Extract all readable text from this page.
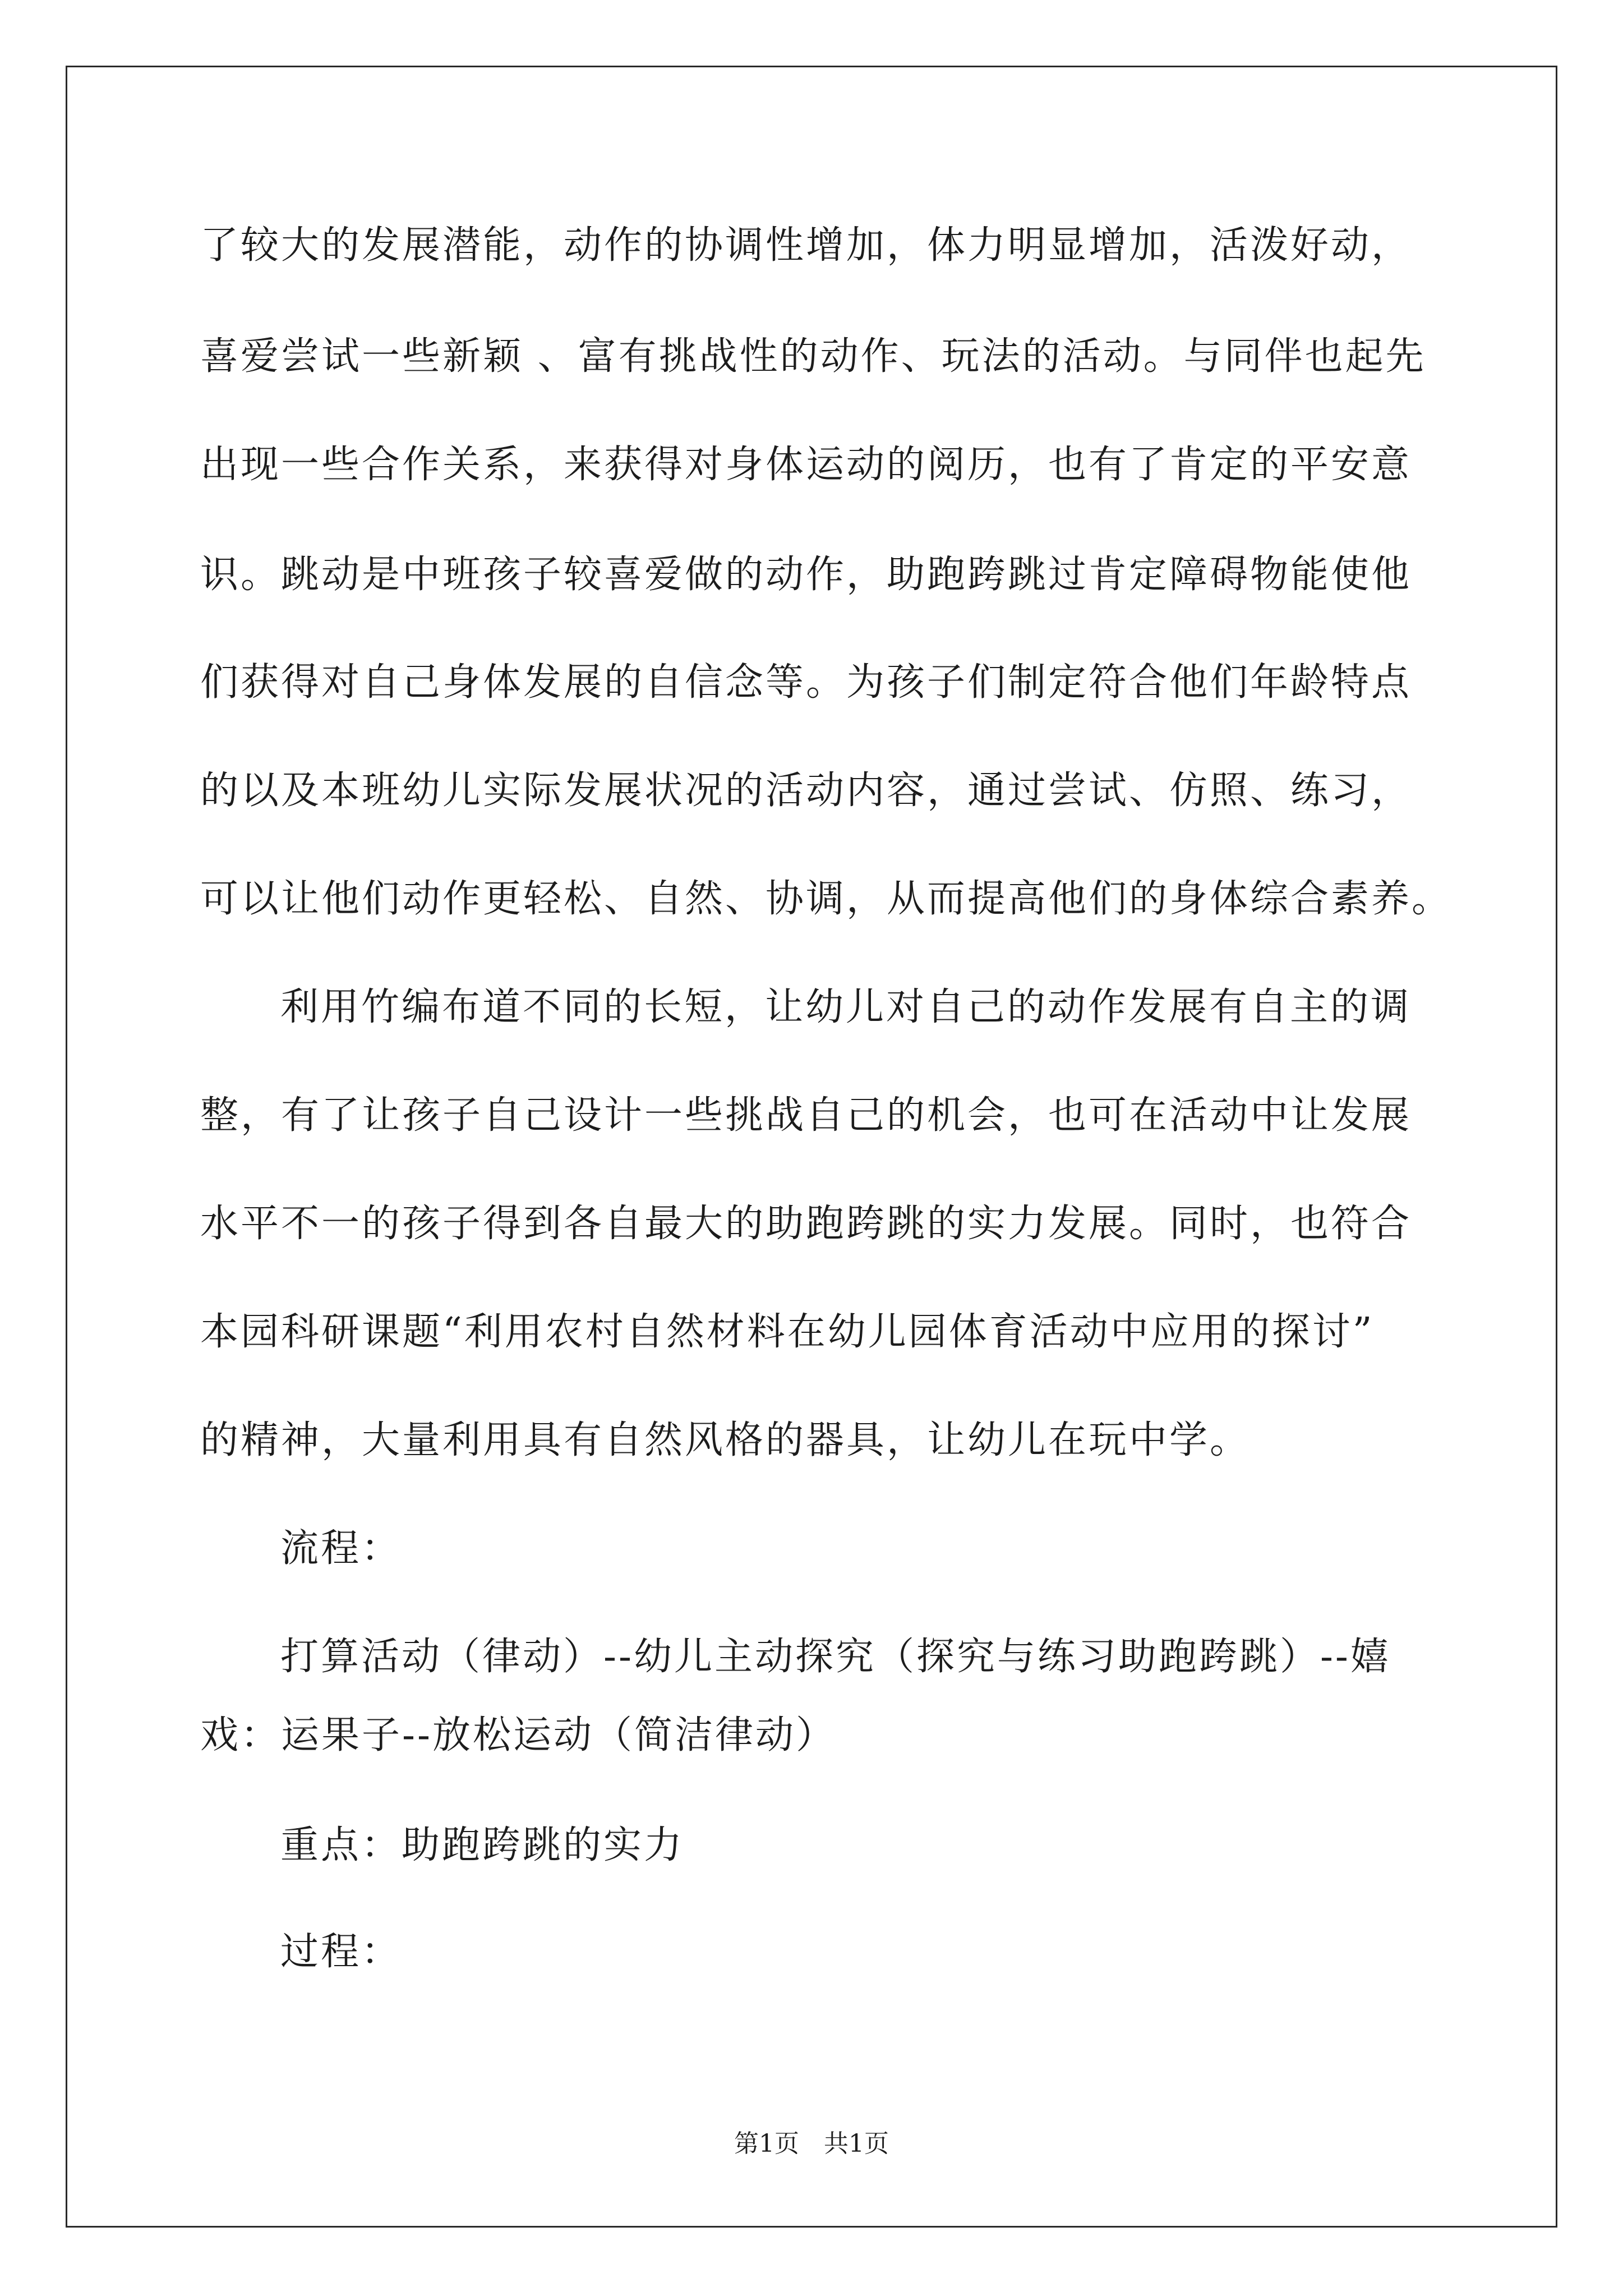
了较大的发展潜能，动作的协调性增加，体力明显增加，活泼好动，
喜爱尝试一些新颖 、富有挑战性的动作、玩法的活动。与同伴也起先
出现一些合作关系，来获得对身体运动的阅历，也有了肯定的平安意
识。跳动是中班孩子较喜爱做的动作，助跑跨跳过肯定障碍物能使他
们获得对自己身体发展的自信念等。为孩子们制定符合他们年龄特点
的以及本班幼儿实际发展状况的活动内容，通过尝试、仿照、练习，
可以让他们动作更轻松、自然、协调，从而提高他们的身体综合素养。
利用竹编布道不同的长短，让幼儿对自己的动作发展有自主的调
整，有了让孩子自己设计一些挑战自己的机会，也可在活动中让发展
水平不一的孩子得到各自最大的助跑跨跳的实力发展。同时，也符合
本园科研课题“利用农村自然材料在幼儿园体育活动中应用的探讨”
的精神，大量利用具有自然风格的器具，让幼儿在玩中学。
流程：
打算活动（律动）--幼儿主动探究（探究与练习助跑跨跳）--嬉
戏：运果子--放松运动（简洁律动）
重点：助跑跨跳的实力
过程：
第1页 共1页
